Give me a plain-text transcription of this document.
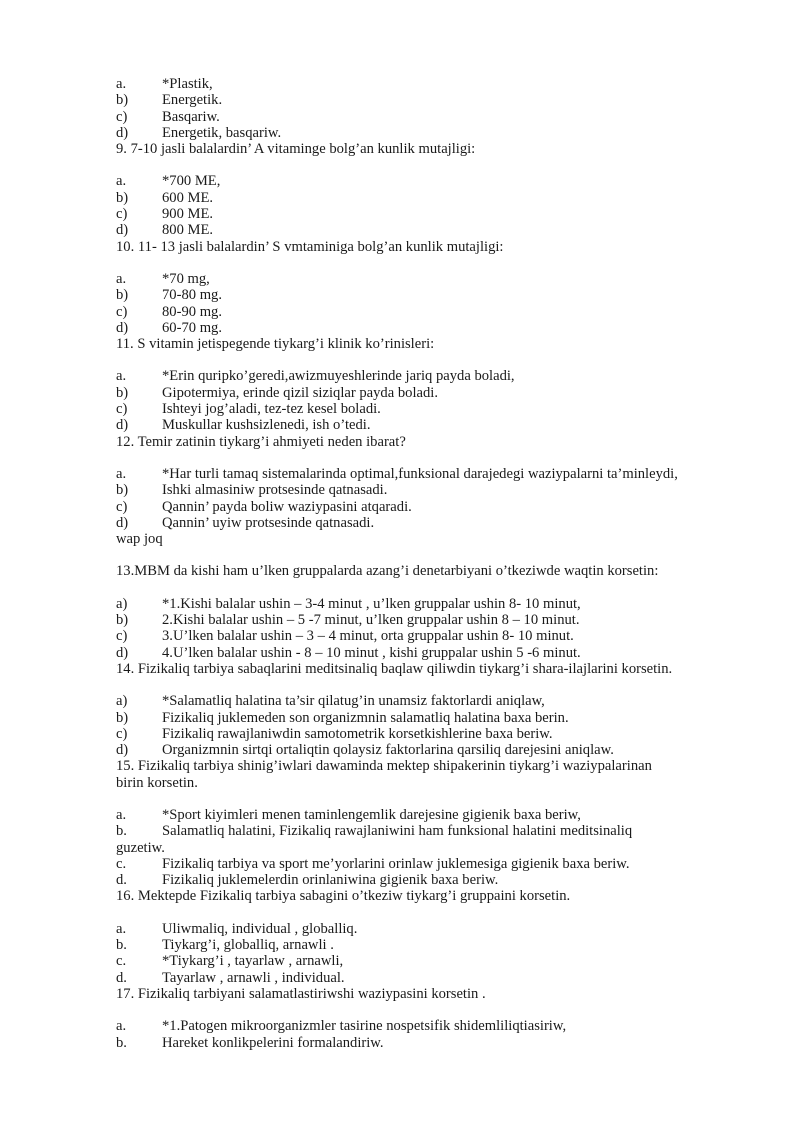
a. *Plastik,
b) Energetik.
c) Basqariw.
d) Energetik, basqariw.
9. 7-10 jasli balalardin’ A vitaminge bolg’an kunlik mutajligi:
a. *700 ME,
b) 600 ME.
c) 900 ME.
d) 800 ME.
10. 11- 13 jasli balalardin’ S vmtaminiga bolg’an kunlik mutajligi:
a. *70 mg,
b) 70-80 mg.
c) 80-90 mg.
d) 60-70 mg.
11. S vitamin jetispegende tiykarg’i klinik ko’rinisleri:
a. *Erin quripko’geredi,awizmuyeshlerinde jariq payda boladi,
b) Gipotermiya, erinde qizil siziqlar payda boladi.
c) Ishteyi jog’aladi, tez-tez kesel boladi.
d) Muskullar kushsizlenedi, ish o’tedi.
12. Temir zatinin tiykarg’i ahmiyeti neden ibarat?
a. *Har turli tamaq sistemalarinda optimal,funksional darajedegi waziypalarni ta’minleydi,
b) Ishki almasiniw protsesinde qatnasadi.
c) Qannin’ payda boliw waziypasini atqaradi.
d) Qannin’ uyiw protsesinde qatnasadi.
wap joq
13.MBM da kishi ham u’lken gruppalarda azang’i denetarbiyani o’tkeziwde waqtin korsetin:
a) *1.Kishi balalar ushin – 3-4 minut , u’lken gruppalar ushin 8- 10 minut,
b) 2.Kishi balalar ushin – 5 -7 minut, u’lken gruppalar ushin 8 – 10 minut.
c) 3.U’lken balalar ushin – 3 – 4 minut, orta gruppalar ushin 8- 10 minut.
d) 4.U’lken balalar ushin - 8 – 10 minut , kishi gruppalar ushin 5 -6 minut.
14. Fizikaliq tarbiya sabaqlarini meditsinaliq baqlaw qiliwdin tiykarg’i shara-ilajlarini korsetin.
a) *Salamatliq halatina ta’sir qilatug’in unamsiz faktorlardi aniqlaw,
b) Fizikaliq juklemeden son organizmnin salamatliq halatina baxa berin.
c) Fizikaliq rawajlaniwdin samotometrik korsetkishlerine baxa beriw.
d) Organizmnin sirtqi ortaliqtin qolaysiz faktorlarina qarsiliq darejesini aniqlaw.
15. Fizikaliq tarbiya shinig’iwlari dawaminda mektep shipakerinin tiykarg’i waziypalarinan
birin korsetin.
a. *Sport kiyimleri menen taminlengemlik darejesine gigienik baxa beriw,
b. Salamatliq halatini, Fizikaliq rawajlaniwini ham funksional halatini meditsinaliq
guzetiw.
c. Fizikaliq tarbiya va sport me’yorlarini orinlaw juklemesiga gigienik baxa beriw.
d. Fizikaliq juklemelerdin orinlaniwina gigienik baxa beriw.
16. Mektepde Fizikaliq tarbiya sabagini o’tkeziw tiykarg’i gruppaini korsetin.
a. Uliwmaliq, individual , globalliq.
b. Tiykarg’i, globalliq, arnawli .
c. *Tiykarg’i , tayarlaw , arnawli,
d. Tayarlaw , arnawli , individual.
17. Fizikaliq tarbiyani salamatlastiriwshi waziypasini korsetin .
a. *1.Patogen mikroorganizmler tasirine nospetsifik shidemliliqtiasiriw,
b. Hareket konlikpelerini formalandiriw.
